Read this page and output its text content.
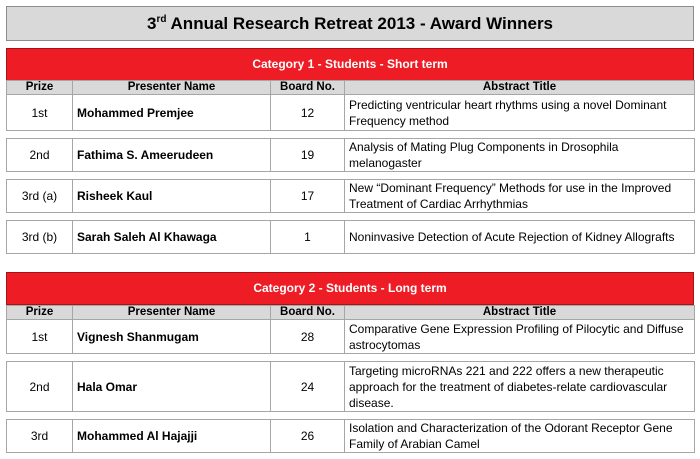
3rd Annual Research Retreat 2013 - Award Winners
Category 1 - Students - Short term
Prize	Presenter Name	Board No.	Abstract Title
1st	Mohammed Premjee	12	Predicting ventricular heart rhythms using a novel Dominant Frequency method

2nd	Fathima S. Ameerudeen	19	Analysis of Mating Plug Components in Drosophila melanogaster

3rd (a)	Risheek Kaul	17	New “Dominant Frequency” Methods for use in the Improved Treatment of Cardiac Arrhythmias

3rd (b)	Sarah Saleh Al Khawaga	1	Noninvasive Detection of Acute Rejection of Kidney Allografts
Category 2 - Students - Long term
Prize	Presenter Name	Board No.	Abstract Title
1st	Vignesh Shanmugam	28	Comparative Gene Expression Profiling of Pilocytic and Diffuse astrocytomas

2nd	Hala Omar	24	Targeting microRNAs 221 and 222 offers a new therapeutic approach for the treatment of diabetes-relate cardiovascular disease.

3rd	Mohammed Al Hajajji	26	Isolation and Characterization of the Odorant Receptor Gene Family of Arabian Camel
